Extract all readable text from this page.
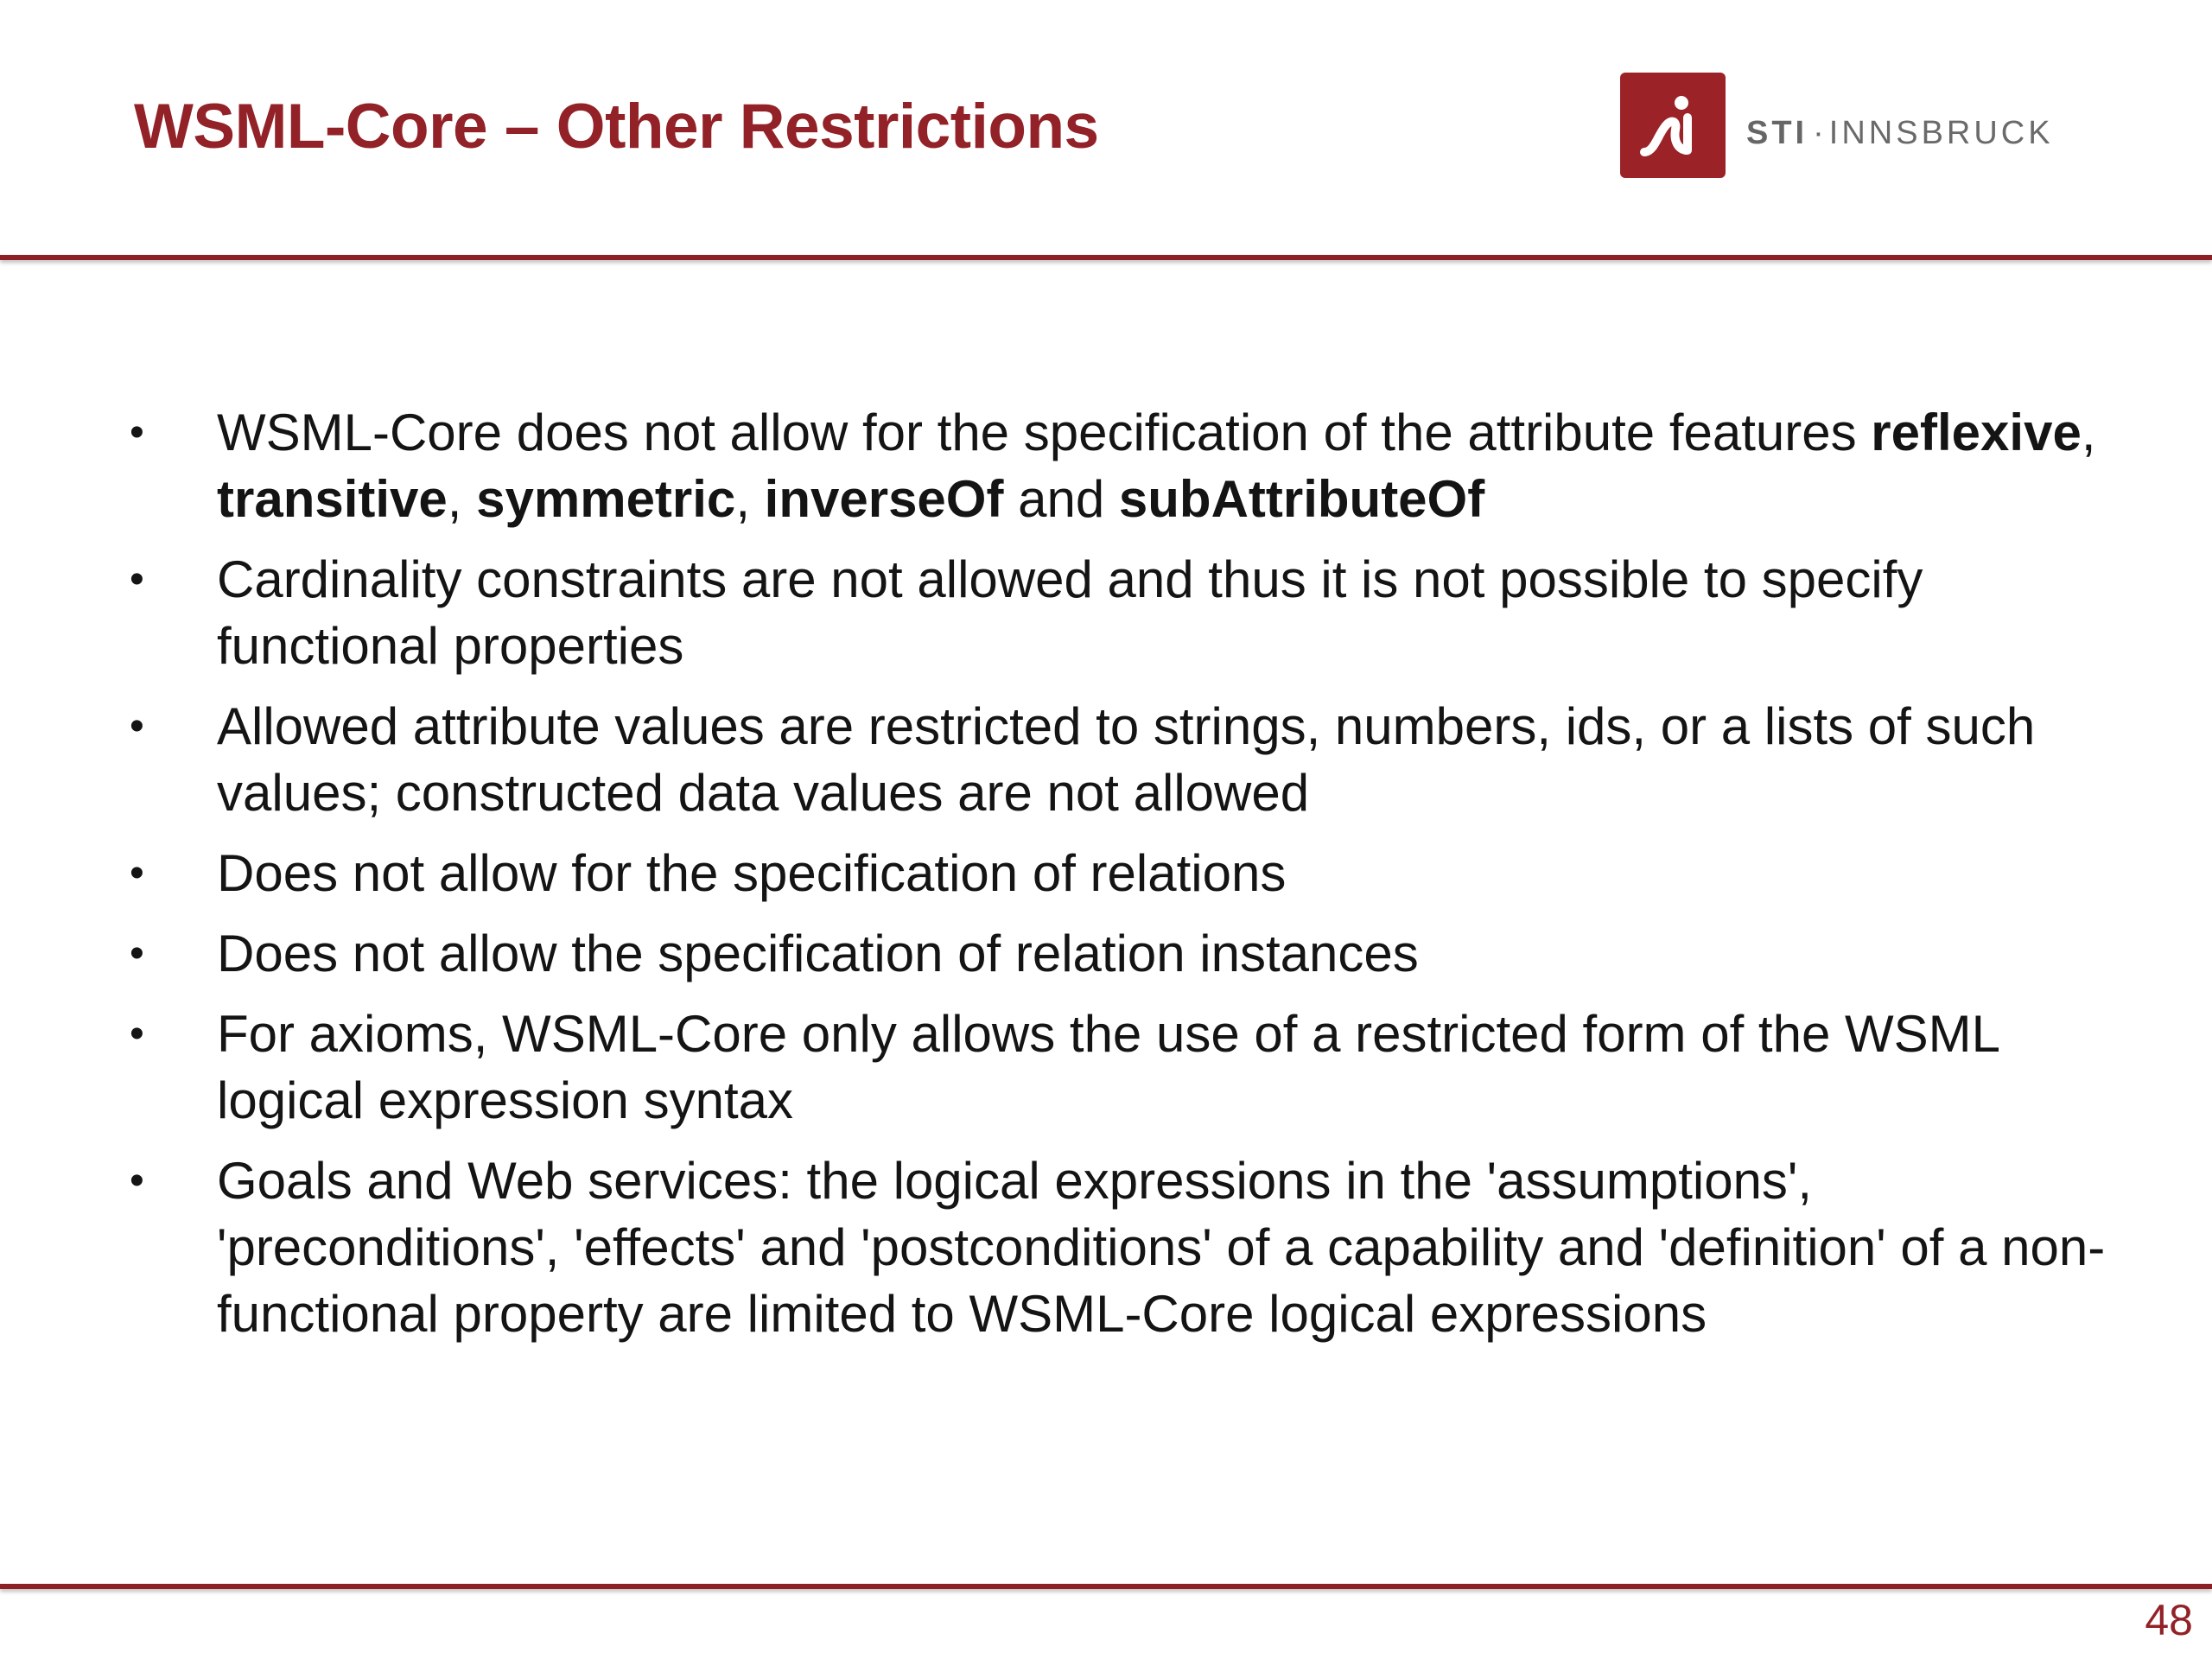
WSML-Core – Other Restrictions	STI · INNSBRUCK
• WSML-Core does not allow for the specification of the attribute features reflexive, transitive, symmetric, inverseOf and subAttributeOf
• Cardinality constraints are not allowed and thus it is not possible to specify functional properties
• Allowed attribute values are restricted to strings, numbers, ids, or a lists of such values; constructed data values are not allowed
• Does not allow for the specification of relations
• Does not allow the specification of relation instances
• For axioms, WSML-Core only allows the use of a restricted form of the WSML logical expression syntax
• Goals and Web services: the logical expressions in the 'assumptions', 'preconditions', 'effects' and 'postconditions' of a capability and 'definition' of a non-functional property are limited to WSML-Core logical expressions
48
